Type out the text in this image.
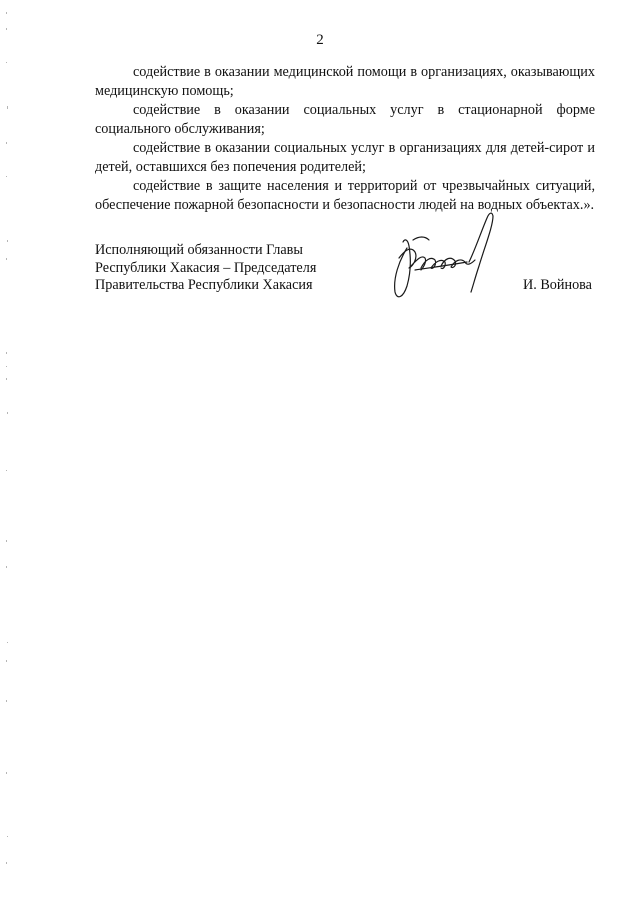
2

содействие в оказании медицинской помощи в организациях, оказывающих медицинскую помощь;

содействие в оказании социальных услуг в стационарной форме социального обслуживания;

содействие в оказании социальных услуг в организациях для детей-сирот и детей, оставшихся без попечения родителей;

содействие в защите населения и территорий от чрезвычайных ситуаций, обеспечение пожарной безопасности и безопасности людей на водных объектах.».

Исполняющий обязанности Главы
Республики Хакасия – Председателя
Правительства Республики Хакасия	И. Войнова
